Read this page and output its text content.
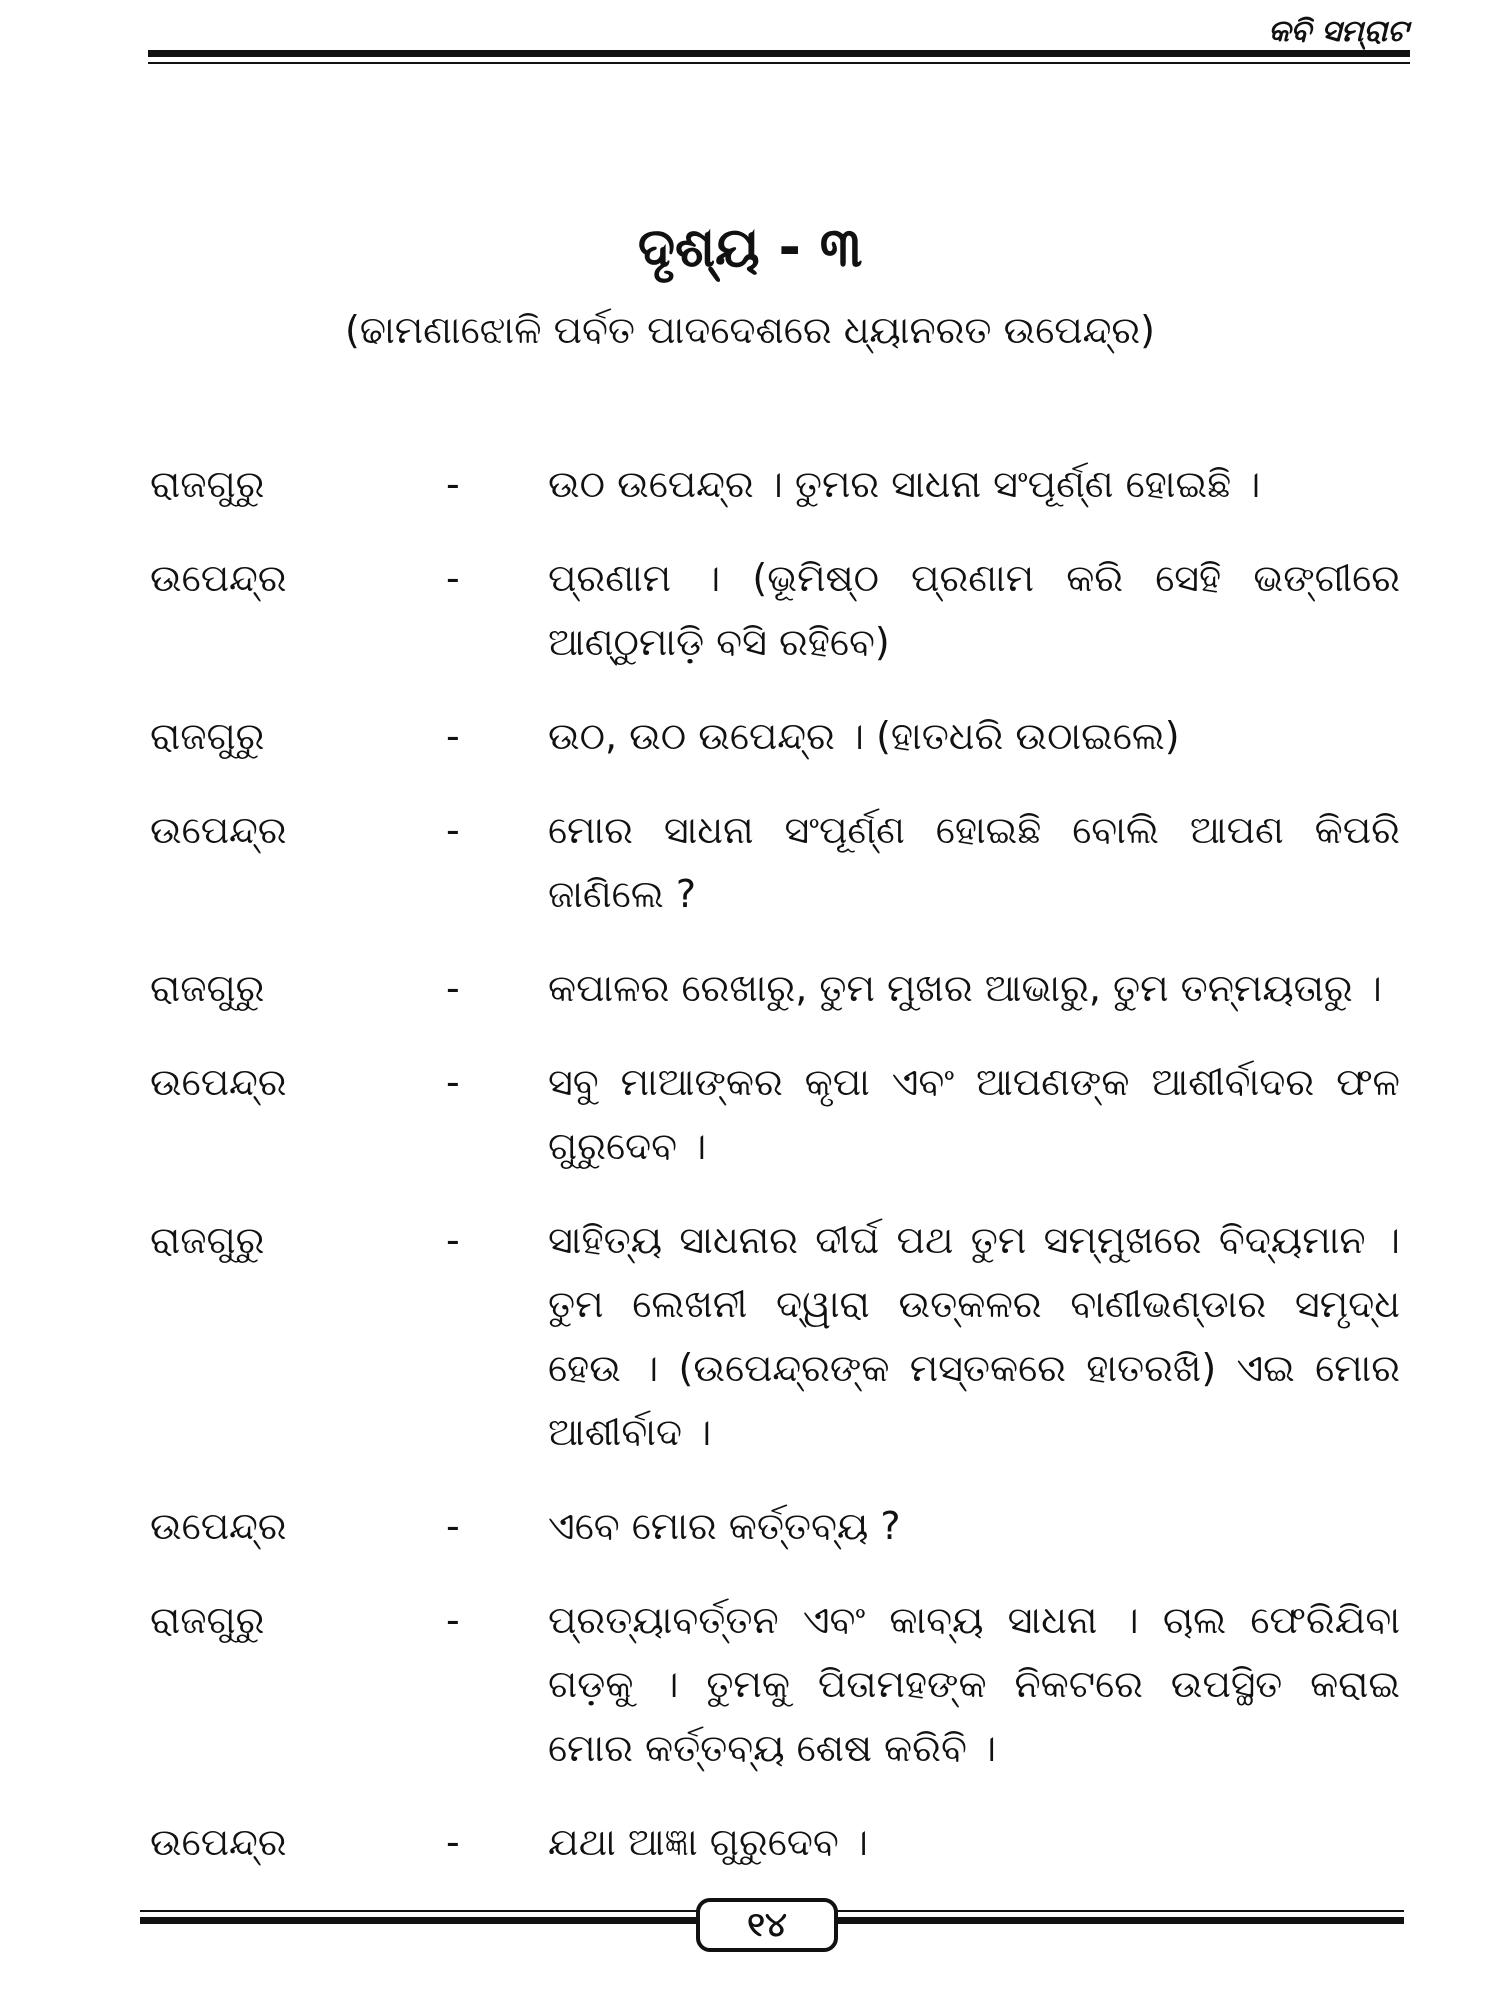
କବି ସମ୍ରାଟ
ଦୃଶ୍ୟ - ୩
(ଢାମଣାଝୋଳି ପର୍ବତ ପାଦଦେଶରେ ଧ୍ୟାନରତ ଉପେନ୍ଦ୍ର)
ରାଜଗୁରୁ	-	ଉଠ ଉପେନ୍ଦ୍ର । ତୁମର ସାଧନା ସଂପୂର୍ଣ୍ଣ ହୋଇଛି ।
ଉପେନ୍ଦ୍ର	-	ପ୍ରଣାମ । (ଭୂମିଷ୍ଠ ପ୍ରଣାମ କରି ସେହି ଭଙ୍ଗୀରେ ଆଣ୍ଠୁମାଡ଼ି ବସି ରହିବେ)
ରାଜଗୁରୁ	-	ଉଠ, ଉଠ ଉପେନ୍ଦ୍ର । (ହାତଧରି ଉଠାଇଲେ)
ଉପେନ୍ଦ୍ର	-	ମୋର ସାଧନା ସଂପୂର୍ଣ୍ଣ ହୋଇଛି ବୋଲି ଆପଣ କିପରି ଜାଣିଲେ ?
ରାଜଗୁରୁ	-	କପାଳର ରେଖାରୁ, ତୁମ ମୁଖର ଆଭାରୁ, ତୁମ ତନ୍ମୟତାରୁ ।
ଉପେନ୍ଦ୍ର	-	ସବୁ ମାଆଙ୍କର କୃପା ଏବଂ ଆପଣଙ୍କ ଆଶୀର୍ବାଦର ଫଳ ଗୁରୁଦେବ ।
ରାଜଗୁରୁ	-	ସାହିତ୍ୟ ସାଧନାର ଦୀର୍ଘ ପଥ ତୁମ ସମ୍ମୁଖରେ ବିଦ୍ୟମାନ । ତୁମ ଲେଖନୀ ଦ୍ୱାରା ଉତ୍କଳର ବାଣୀଭଣ୍ଡାର ସମୃଦ୍ଧ ହେଉ । (ଉପେନ୍ଦ୍ରଙ୍କ ମସ୍ତକରେ ହାତରଖି) ଏଇ ମୋର ଆଶୀର୍ବାଦ ।
ଉପେନ୍ଦ୍ର	-	ଏବେ ମୋର କର୍ତ୍ତବ୍ୟ ?
ରାଜଗୁରୁ	-	ପ୍ରତ୍ୟାବର୍ତ୍ତନ ଏବଂ କାବ୍ୟ ସାଧନା । ଚାଲ ଫେରିଯିବା ଗଡ଼କୁ । ତୁମକୁ ପିତାମହଙ୍କ ନିକଟରେ ଉପସ୍ଥିତ କରାଇ ମୋର କର୍ତ୍ତବ୍ୟ ଶେଷ କରିବି ।
ଉପେନ୍ଦ୍ର	-	ଯଥା ଆଜ୍ଞା ଗୁରୁଦେବ ।
୧୪
